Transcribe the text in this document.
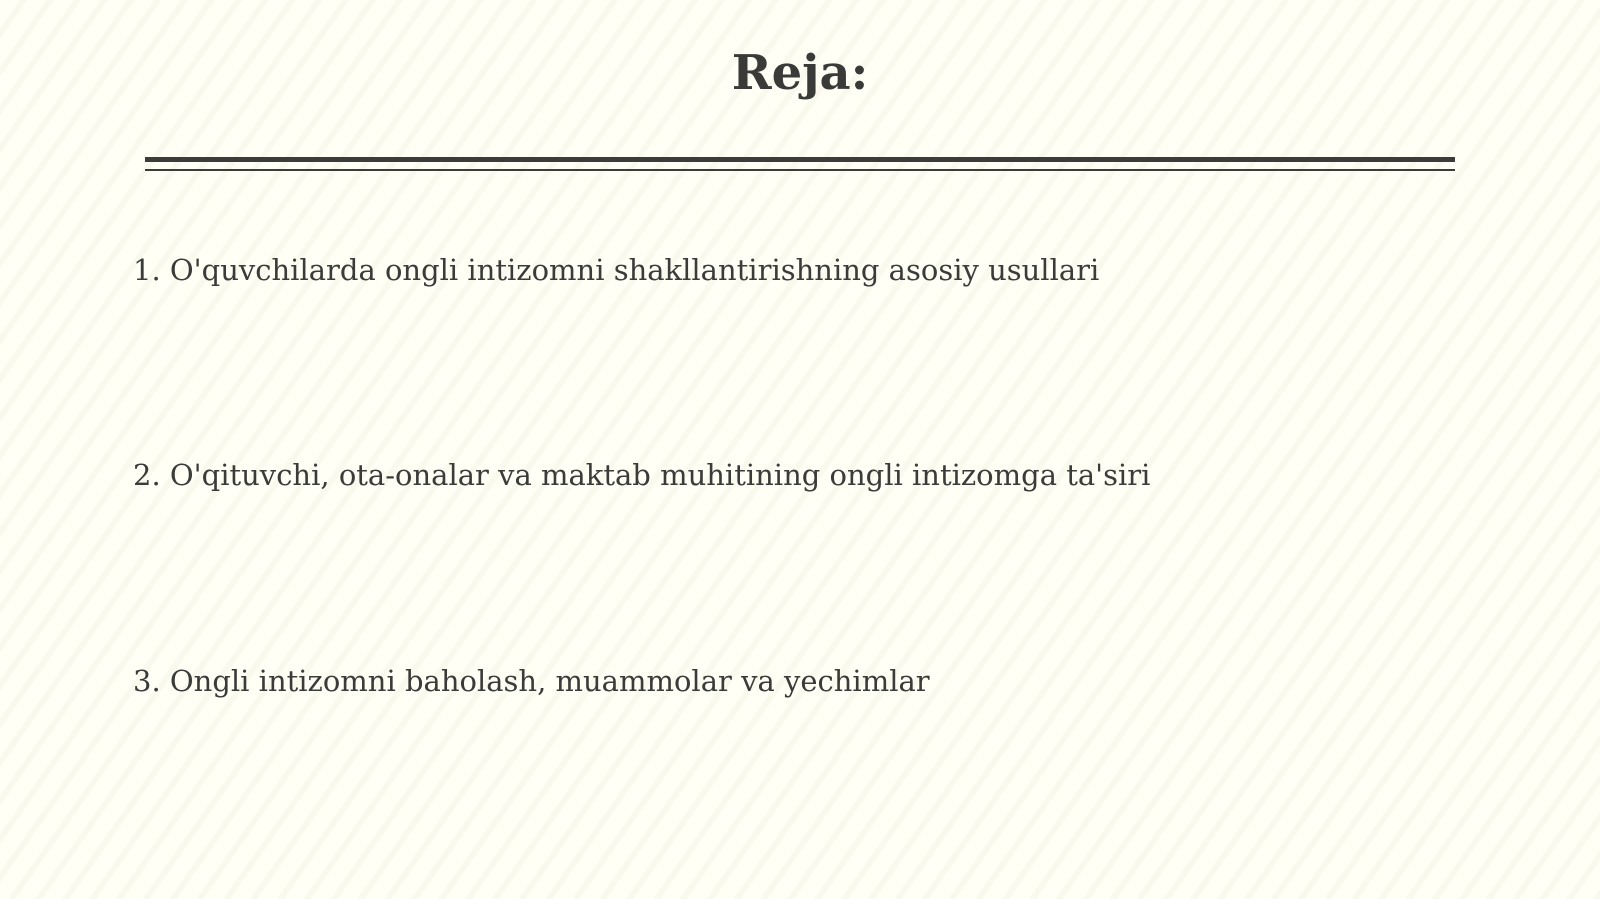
Reja:
1. O'quvchilarda ongli intizomni shakllantirishning asosiy usullari
2. O'qituvchi, ota-onalar va maktab muhitining ongli intizomga ta'siri
3. Ongli intizomni baholash, muammolar va yechimlar
